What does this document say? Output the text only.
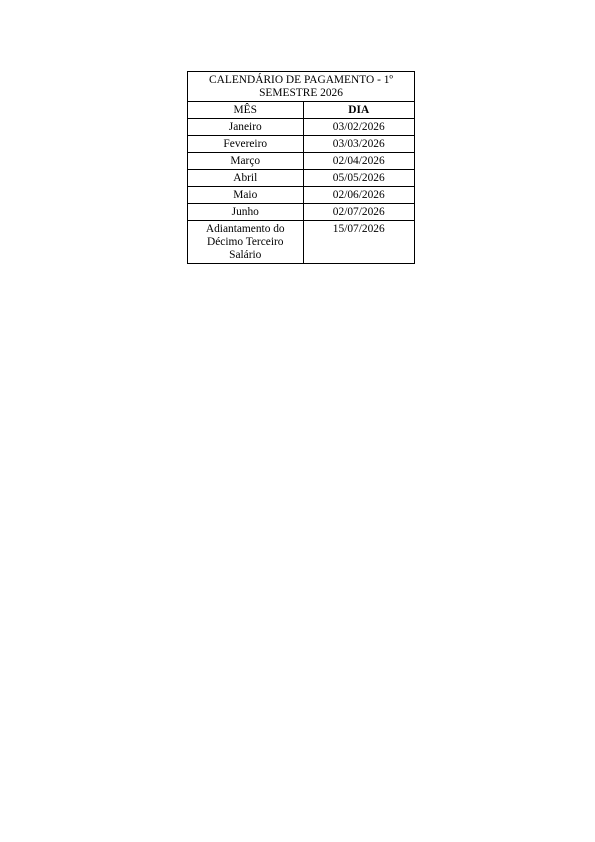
CALENDÁRIO DE PAGAMENTO - 1º SEMESTRE 2026	
MÊS	DIA
Janeiro	03/02/2026
Fevereiro	03/03/2026
Março	02/04/2026
Abril	05/05/2026
Maio	02/06/2026
Junho	02/07/2026
Adiantamento do Décimo Terceiro Salário	15/07/2026
